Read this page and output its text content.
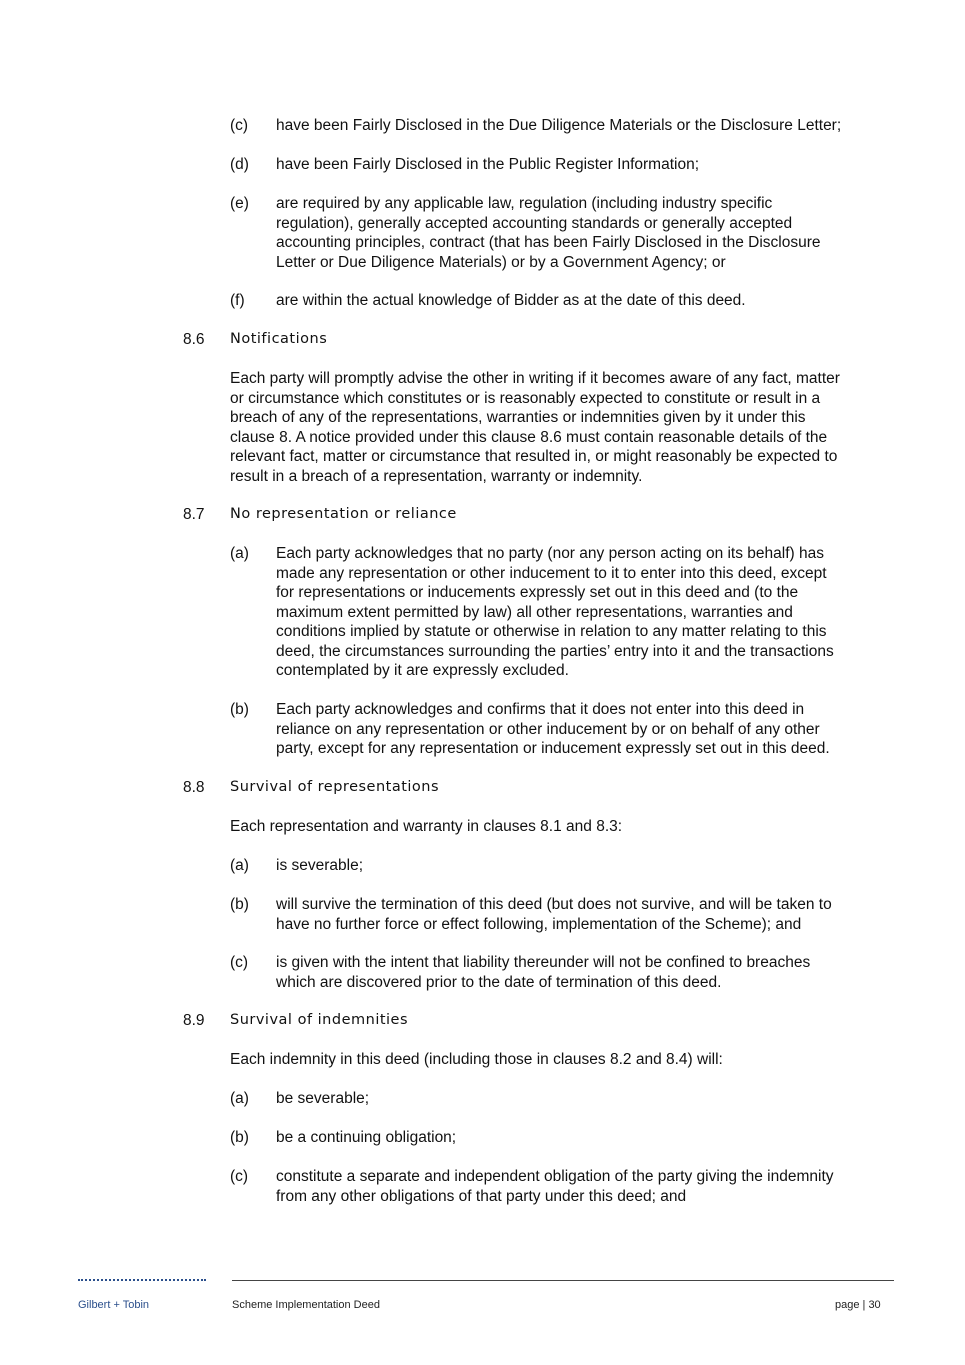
(c) have been Fairly Disclosed in the Due Diligence Materials or the Disclosure Letter;
(d) have been Fairly Disclosed in the Public Register Information;
(e) are required by any applicable law, regulation (including industry specific
regulation), generally accepted accounting standards or generally accepted
accounting principles, contract (that has been Fairly Disclosed in the Disclosure
Letter or Due Diligence Materials) or by a Government Agency; or
(f) are within the actual knowledge of Bidder as at the date of this deed.
8.6 Notifications
Each party will promptly advise the other in writing if it becomes aware of any fact, matter
or circumstance which constitutes or is reasonably expected to constitute or result in a
breach of any of the representations, warranties or indemnities given by it under this
clause 8. A notice provided under this clause 8.6 must contain reasonable details of the
relevant fact, matter or circumstance that resulted in, or might reasonably be expected to
result in a breach of a representation, warranty or indemnity.
8.7 No representation or reliance
(a) Each party acknowledges that no party (nor any person acting on its behalf) has
made any representation or other inducement to it to enter into this deed, except
for representations or inducements expressly set out in this deed and (to the
maximum extent permitted by law) all other representations, warranties and
conditions implied by statute or otherwise in relation to any matter relating to this
deed, the circumstances surrounding the parties’ entry into it and the transactions
contemplated by it are expressly excluded.
(b) Each party acknowledges and confirms that it does not enter into this deed in
reliance on any representation or other inducement by or on behalf of any other
party, except for any representation or inducement expressly set out in this deed.
8.8 Survival of representations
Each representation and warranty in clauses 8.1 and 8.3:
(a) is severable;
(b) will survive the termination of this deed (but does not survive, and will be taken to
have no further force or effect following, implementation of the Scheme); and
(c) is given with the intent that liability thereunder will not be confined to breaches
which are discovered prior to the date of termination of this deed.
8.9 Survival of indemnities
Each indemnity in this deed (including those in clauses 8.2 and 8.4) will:
(a) be severable;
(b) be a continuing obligation;
(c) constitute a separate and independent obligation of the party giving the indemnity
from any other obligations of that party under this deed; and
Gilbert + Tobin	Scheme Implementation Deed	page | 30
